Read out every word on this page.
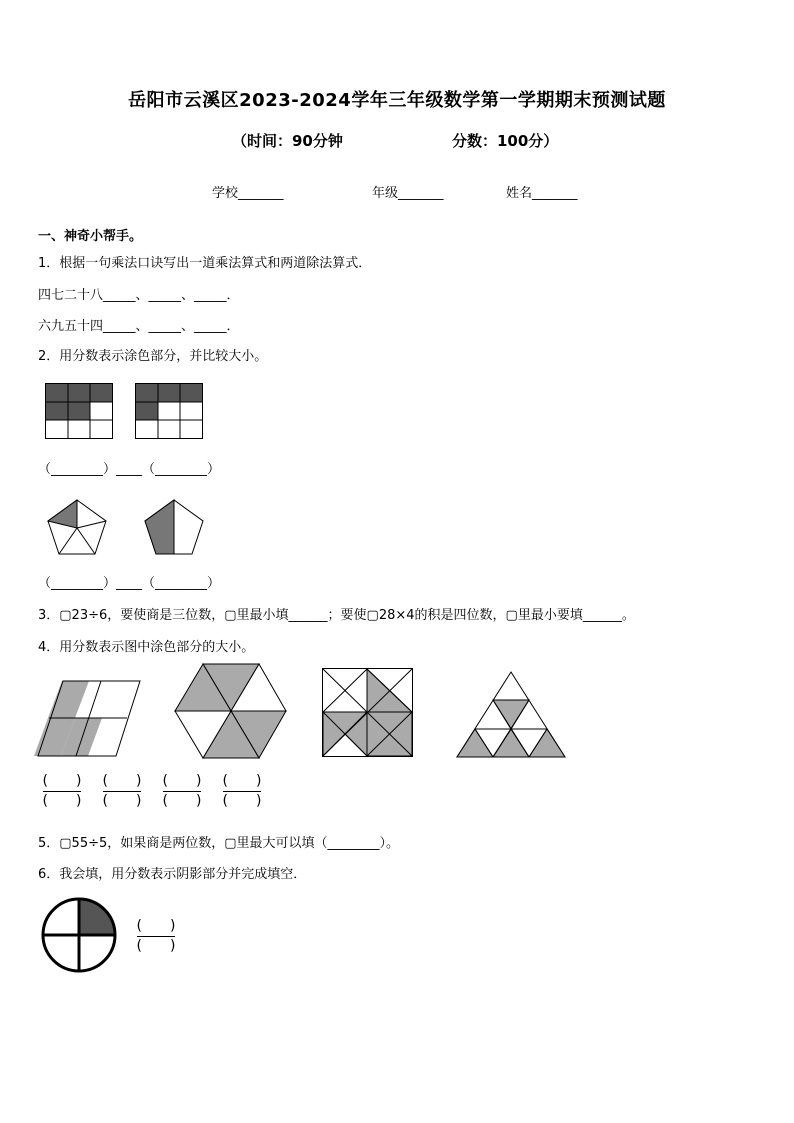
岳阳市云溪区2023-2024学年三年级数学第一学期期末预测试题
（时间：90分钟	分数：100分）
学校_______	年级_______	姓名_______
一、神奇小帮手。
1．根据一句乘法口诀写出一道乘法算式和两道除法算式．
四七二十八_____、_____、_____．
六九五十四_____、_____、_____．
2．用分数表示涂色部分，并比较大小。
（________）____（________）
（________）____（________）
3．▢23÷6，要使商是三位数，▢里最小填______；要使▢28×4的积是四位数，▢里最小要填______。
4．用分数表示图中涂色部分的大小。
$\frac{( )}{( )} \frac{( )}{( )} \frac{( )}{( )} \frac{( )}{( )}$
5．▢55÷5，如果商是两位数，▢里最大可以填（________）。
6．我会填，用分数表示阴影部分并完成填空．
$\frac{( )}{( )}$
